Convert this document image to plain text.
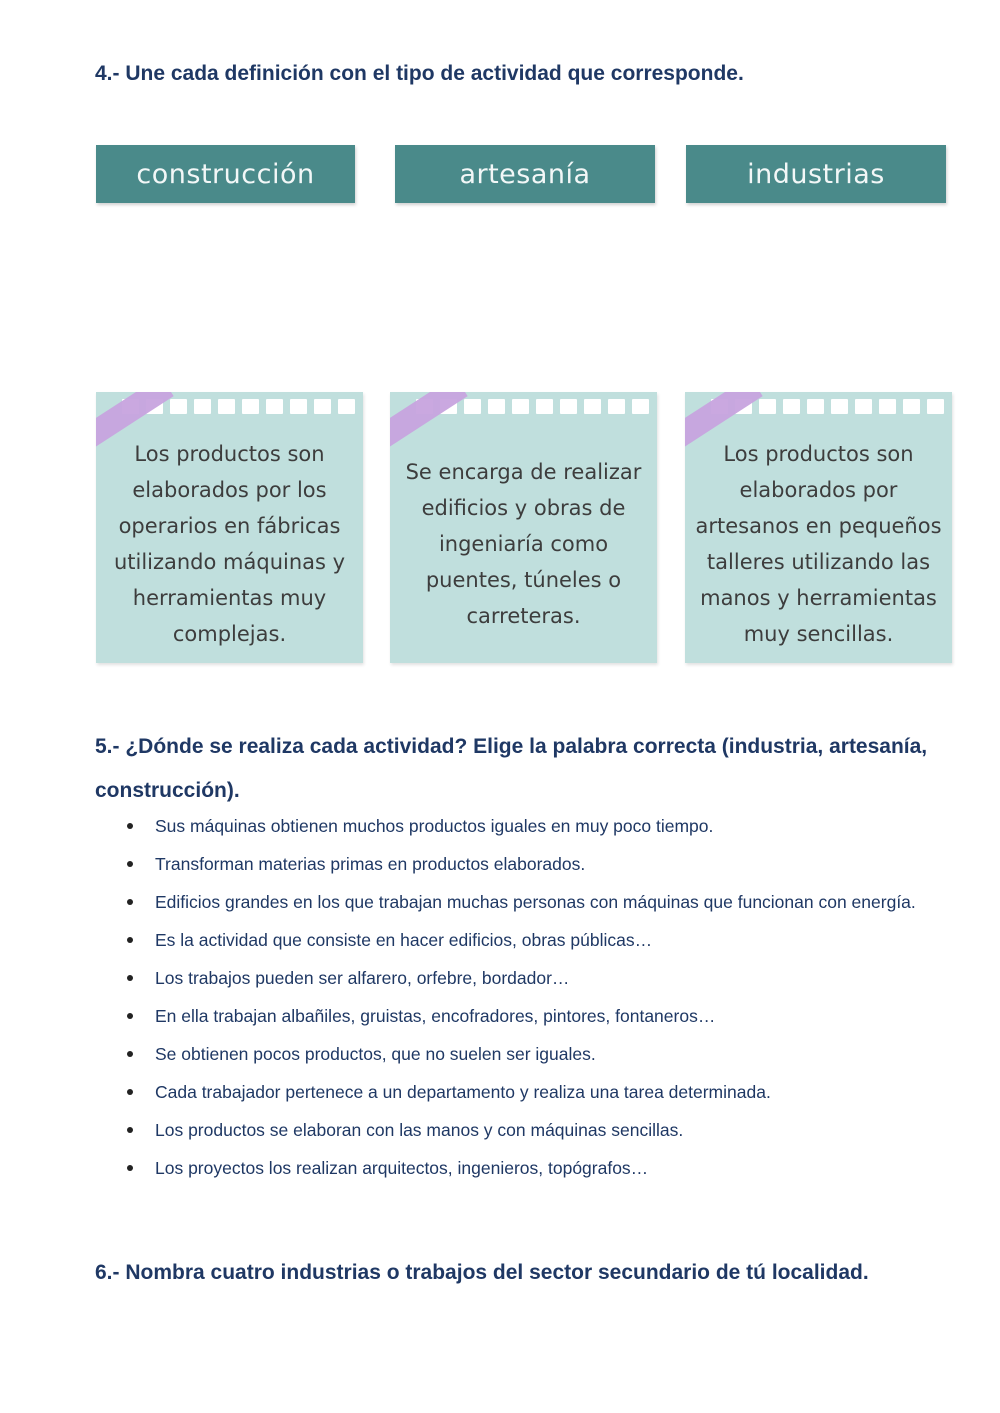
4.- Une cada definición con el tipo de actividad que corresponde.
construcción	artesanía	industrias
Los productos son elaborados por los operarios en fábricas utilizando máquinas y herramientas muy complejas.
Se encarga de realizar edificios y obras de ingeniaría como puentes, túneles o carreteras.
Los productos son elaborados por artesanos en pequeños talleres utilizando las manos y herramientas muy sencillas.
5.- ¿Dónde se realiza cada actividad? Elige la palabra correcta (industria, artesanía, construcción).
Sus máquinas obtienen muchos productos iguales en muy poco tiempo.
Transforman materias primas en productos elaborados.
Edificios grandes en los que trabajan muchas personas con máquinas que funcionan con energía.
Es la actividad que consiste en hacer edificios, obras públicas…
Los trabajos pueden ser alfarero, orfebre, bordador…
En ella trabajan albañiles, gruistas, encofradores, pintores, fontaneros…
Se obtienen pocos productos, que no suelen ser iguales.
Cada trabajador pertenece a un departamento y realiza una tarea determinada.
Los productos se elaboran con las manos y con máquinas sencillas.
Los proyectos los realizan arquitectos, ingenieros, topógrafos…
6.- Nombra cuatro industrias o trabajos del sector secundario de tú localidad.
